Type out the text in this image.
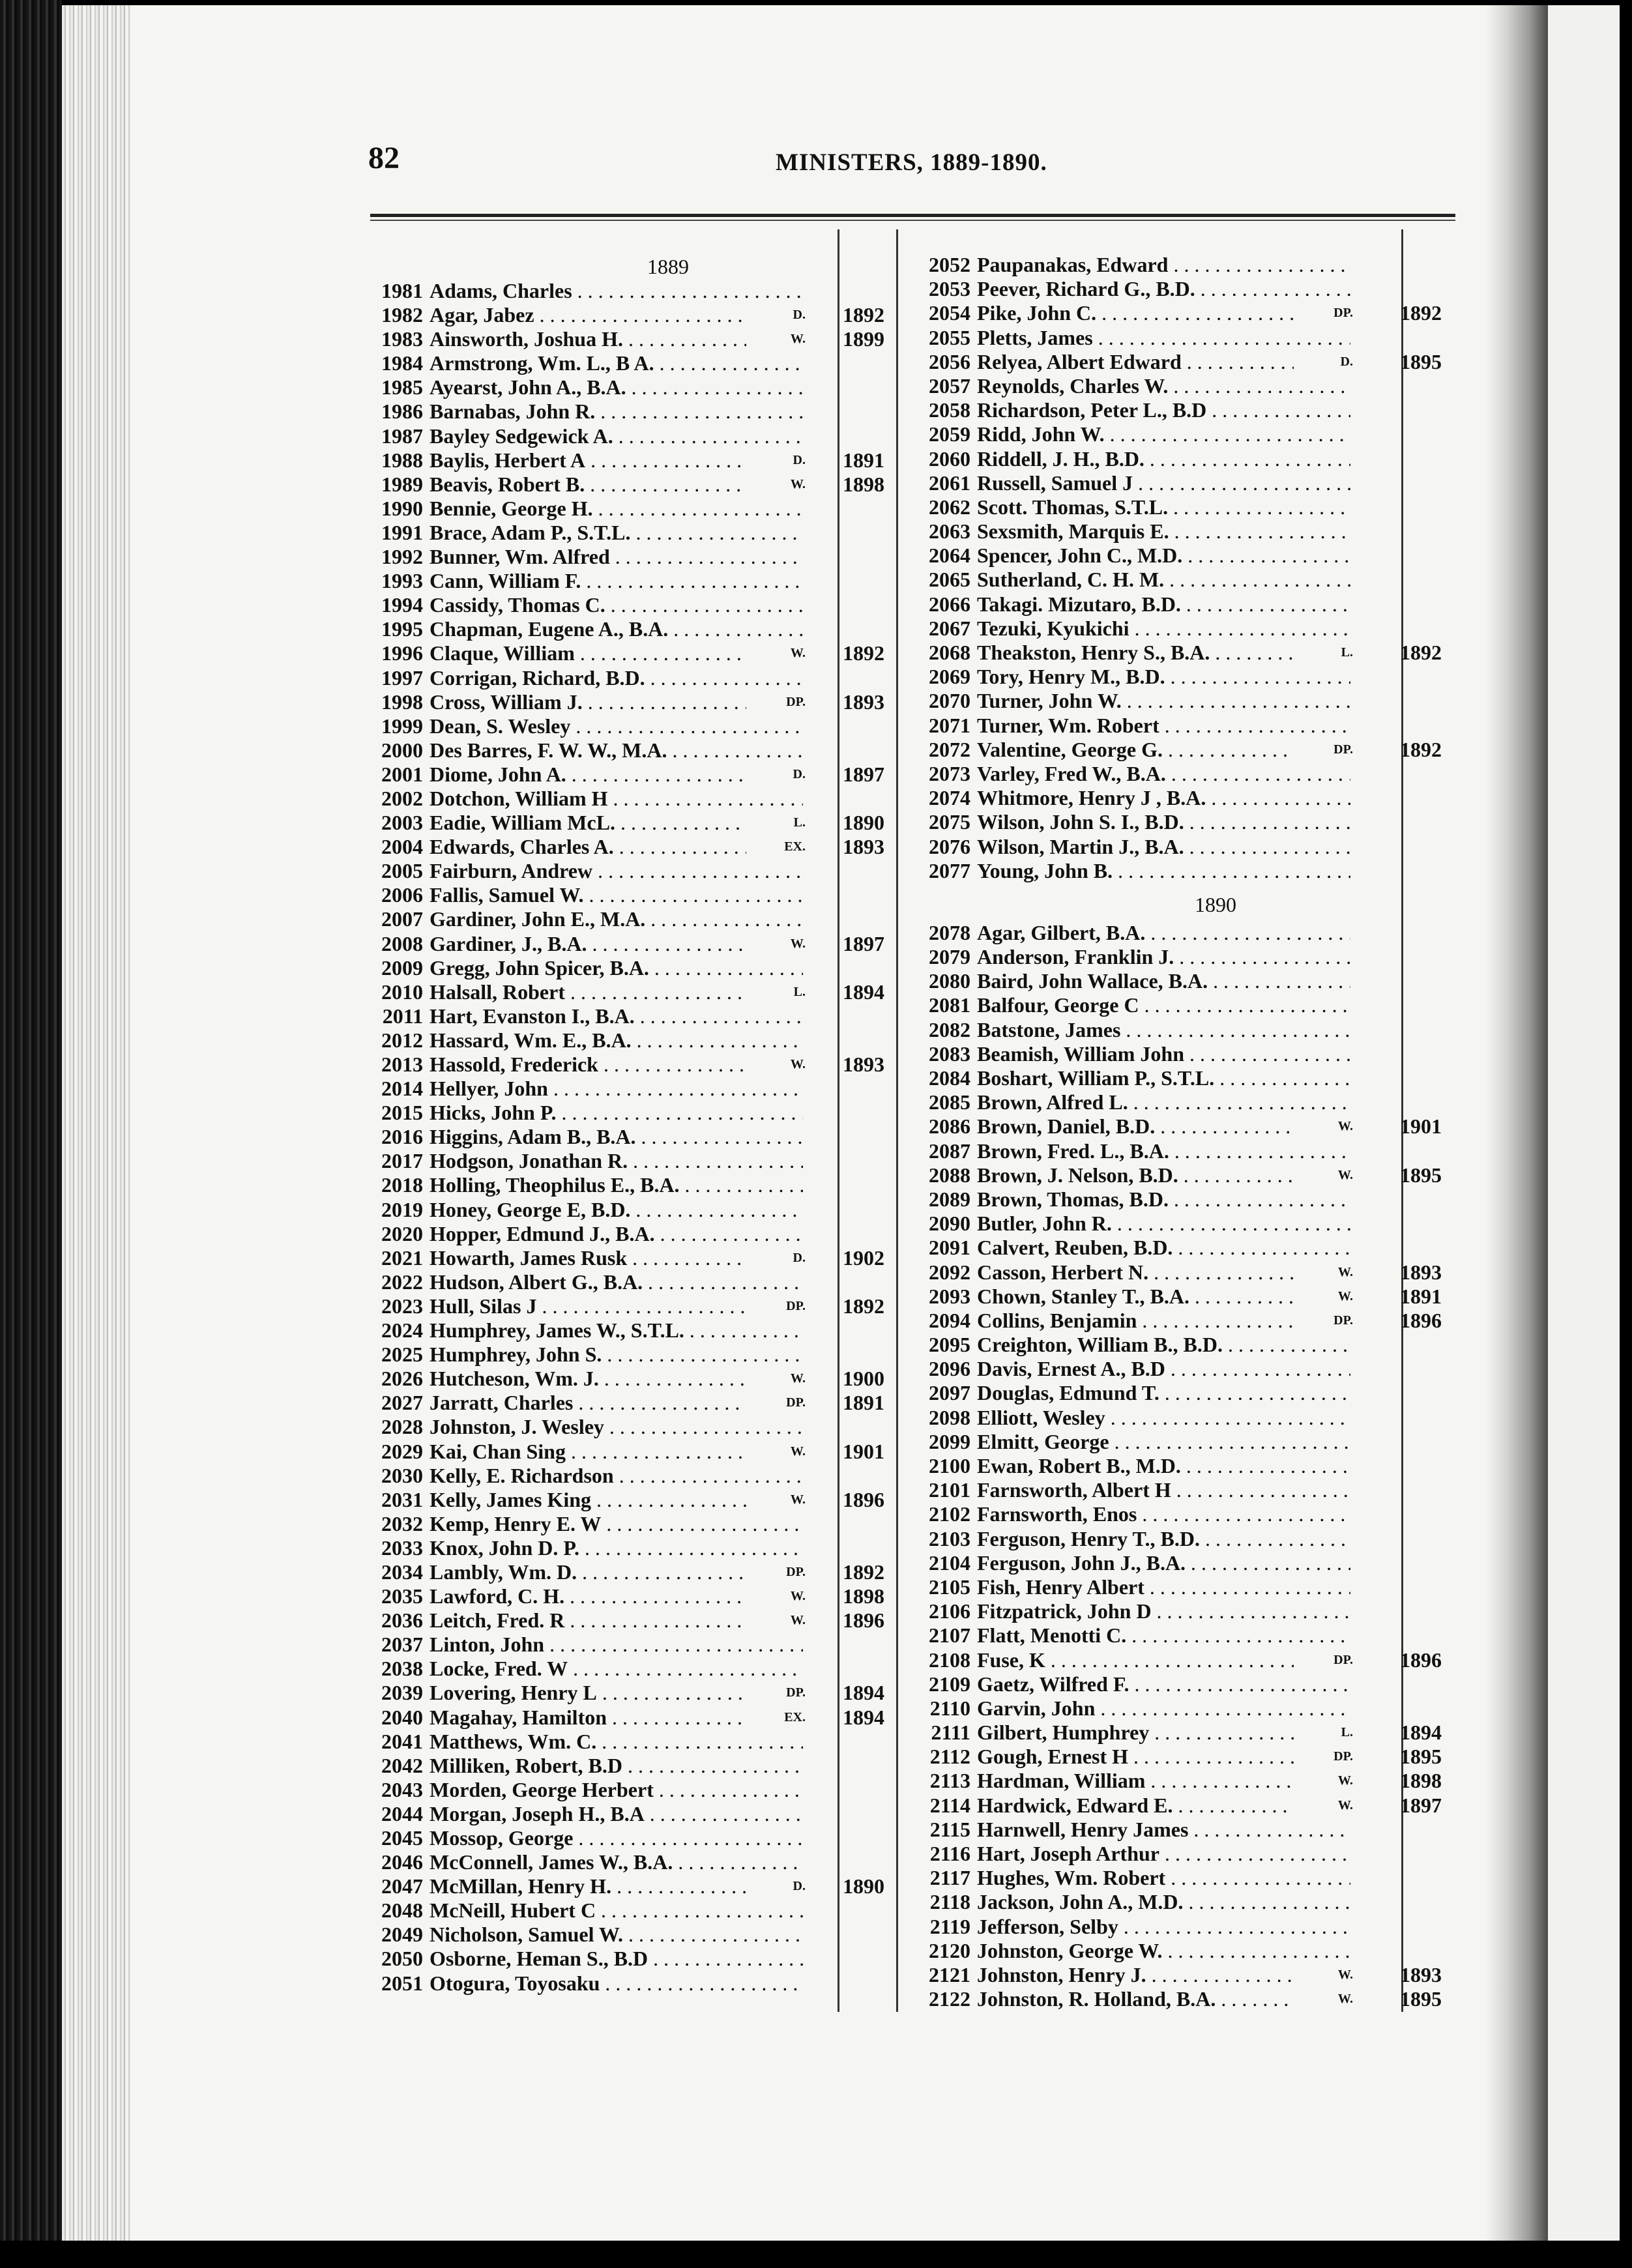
82	MINISTERS, 1889-1890.
1889
1981 Adams, Charles . . .
1982 Agar, Jabez . . .	D.	1892
1983 Ainsworth, Joshua H. . . .	W.	1899
1984 Armstrong, Wm. L., B A. . . .
1985 Ayearst, John A., B.A. . . .
1986 Barnabas, John R. . . .
1987 Bayley Sedgewick A. . . .
1988 Baylis, Herbert A . . .	D.	1891
1989 Beavis, Robert B. . . .	W.	1898
1990 Bennie, George H. . . .
1991 Brace, Adam P., S.T.L. . . .
1992 Bunner, Wm. Alfred . . .
1993 Cann, William F. . . .
1994 Cassidy, Thomas C. . . .
1995 Chapman, Eugene A., B.A. . . .
1996 Claque, William . . .	W.	1892
1997 Corrigan, Richard, B.D. . . .
1998 Cross, William J. . . .	DP.	1893
1999 Dean, S. Wesley . . .
2000 Des Barres, F. W. W., M.A. . . .
2001 Diome, John A. . . .	D.	1897
2002 Dotchon, William H . . .
2003 Eadie, William McL. . . .	L.	1890
2004 Edwards, Charles A. . . .	EX.	1893
2005 Fairburn, Andrew . . .
2006 Fallis, Samuel W. . . .
2007 Gardiner, John E., M.A. . . .
2008 Gardiner, J., B.A. . . .	W.	1897
2009 Gregg, John Spicer, B.A. . . .
2010 Halsall, Robert . . .	L.	1894
2011 Hart, Evanston I., B.A. . . .
2012 Hassard, Wm. E., B.A. . . .
2013 Hassold, Frederick . . .	W.	1893
2014 Hellyer, John . . .
2015 Hicks, John P. . . .
2016 Higgins, Adam B., B.A. . . .
2017 Hodgson, Jonathan R. . . .
2018 Holling, Theophilus E., B.A. . . .
2019 Honey, George E, B.D. . . .
2020 Hopper, Edmund J., B.A. . . .
2021 Howarth, James Rusk . . .	D.	1902
2022 Hudson, Albert G., B.A. . . .
2023 Hull, Silas J . . .	DP.	1892
2024 Humphrey, James W., S.T.L. . . .
2025 Humphrey, John S. . . .
2026 Hutcheson, Wm. J. . . .	W.	1900
2027 Jarratt, Charles . . .	DP.	1891
2028 Johnston, J. Wesley . . .
2029 Kai, Chan Sing . . .	W.	1901
2030 Kelly, E. Richardson . . .
2031 Kelly, James King . . .	W.	1896
2032 Kemp, Henry E. W . . .
2033 Knox, John D. P. . . .
2034 Lambly, Wm. D. . . .	DP.	1892
2035 Lawford, C. H. . . .	W.	1898
2036 Leitch, Fred. R . . .	W.	1896
2037 Linton, John . . .
2038 Locke, Fred. W . . .
2039 Lovering, Henry L . . .	DP.	1894
2040 Magahay, Hamilton . . .	EX.	1894
2041 Matthews, Wm. C. . . .
2042 Milliken, Robert, B.D . . .
2043 Morden, George Herbert . . .
2044 Morgan, Joseph H., B.A . . .
2045 Mossop, George . . .
2046 McConnell, James W., B.A. . . .
2047 McMillan, Henry H. . . .	D.	1890
2048 McNeill, Hubert C . . .
2049 Nicholson, Samuel W. . . .
2050 Osborne, Heman S., B.D . . .
2051 Otogura, Toyosaku . . .
2052 Paupanakas, Edward . . .
2053 Peever, Richard G., B.D. . . .
2054 Pike, John C. . . .	DP.	1892
2055 Pletts, James . . .
2056 Relyea, Albert Edward . . .	D.	1895
2057 Reynolds, Charles W. . . .
2058 Richardson, Peter L., B.D . . .
2059 Ridd, John W. . . .
2060 Riddell, J. H., B.D. . . .
2061 Russell, Samuel J . . .
2062 Scott. Thomas, S.T.L. . . .
2063 Sexsmith, Marquis E. . . .
2064 Spencer, John C., M.D. . . .
2065 Sutherland, C. H. M. . . .
2066 Takagi. Mizutaro, B.D. . . .
2067 Tezuki, Kyukichi . . .
2068 Theakston, Henry S., B.A. . . .	L.	1892
2069 Tory, Henry M., B.D. . . .
2070 Turner, John W. . . .
2071 Turner, Wm. Robert . . .
2072 Valentine, George G. . . .	DP.	1892
2073 Varley, Fred W., B.A. . . .
2074 Whitmore, Henry J , B.A. . . .
2075 Wilson, John S. I., B.D. . . .
2076 Wilson, Martin J., B.A. . . .
2077 Young, John B. . . .
1890
2078 Agar, Gilbert, B.A. . . .
2079 Anderson, Franklin J. . . .
2080 Baird, John Wallace, B.A. . . .
2081 Balfour, George C . . .
2082 Batstone, James . . .
2083 Beamish, William John . . .
2084 Boshart, William P., S.T.L. . . .
2085 Brown, Alfred L. . . .
2086 Brown, Daniel, B.D. . . .	W.	1901
2087 Brown, Fred. L., B.A. . . .
2088 Brown, J. Nelson, B.D. . . .	W.	1895
2089 Brown, Thomas, B.D. . . .
2090 Butler, John R. . . .
2091 Calvert, Reuben, B.D. . . .
2092 Casson, Herbert N. . . .	W.	1893
2093 Chown, Stanley T., B.A. . . .	W.	1891
2094 Collins, Benjamin . . .	DP.	1896
2095 Creighton, William B., B.D. . . .
2096 Davis, Ernest A., B.D . . .
2097 Douglas, Edmund T. . . .
2098 Elliott, Wesley . . .
2099 Elmitt, George . . .
2100 Ewan, Robert B., M.D. . . .
2101 Farnsworth, Albert H . . .
2102 Farnsworth, Enos . . .
2103 Ferguson, Henry T., B.D. . . .
2104 Ferguson, John J., B.A. . . .
2105 Fish, Henry Albert . . .
2106 Fitzpatrick, John D . . .
2107 Flatt, Menotti C. . . .
2108 Fuse, K . . .	DP.	1896
2109 Gaetz, Wilfred F. . . .
2110 Garvin, John . . .
2111 Gilbert, Humphrey . . .	L.	1894
2112 Gough, Ernest H . . .	DP.	1895
2113 Hardman, William . . .	W.	1898
2114 Hardwick, Edward E. . . .	W.	1897
2115 Harnwell, Henry James . . .
2116 Hart, Joseph Arthur . . .
2117 Hughes, Wm. Robert . . .
2118 Jackson, John A., M.D. . . .
2119 Jefferson, Selby . . .
2120 Johnston, George W. . . .
2121 Johnston, Henry J. . . .	W.	1893
2122 Johnston, R. Holland, B.A. . . .	W.	1895
